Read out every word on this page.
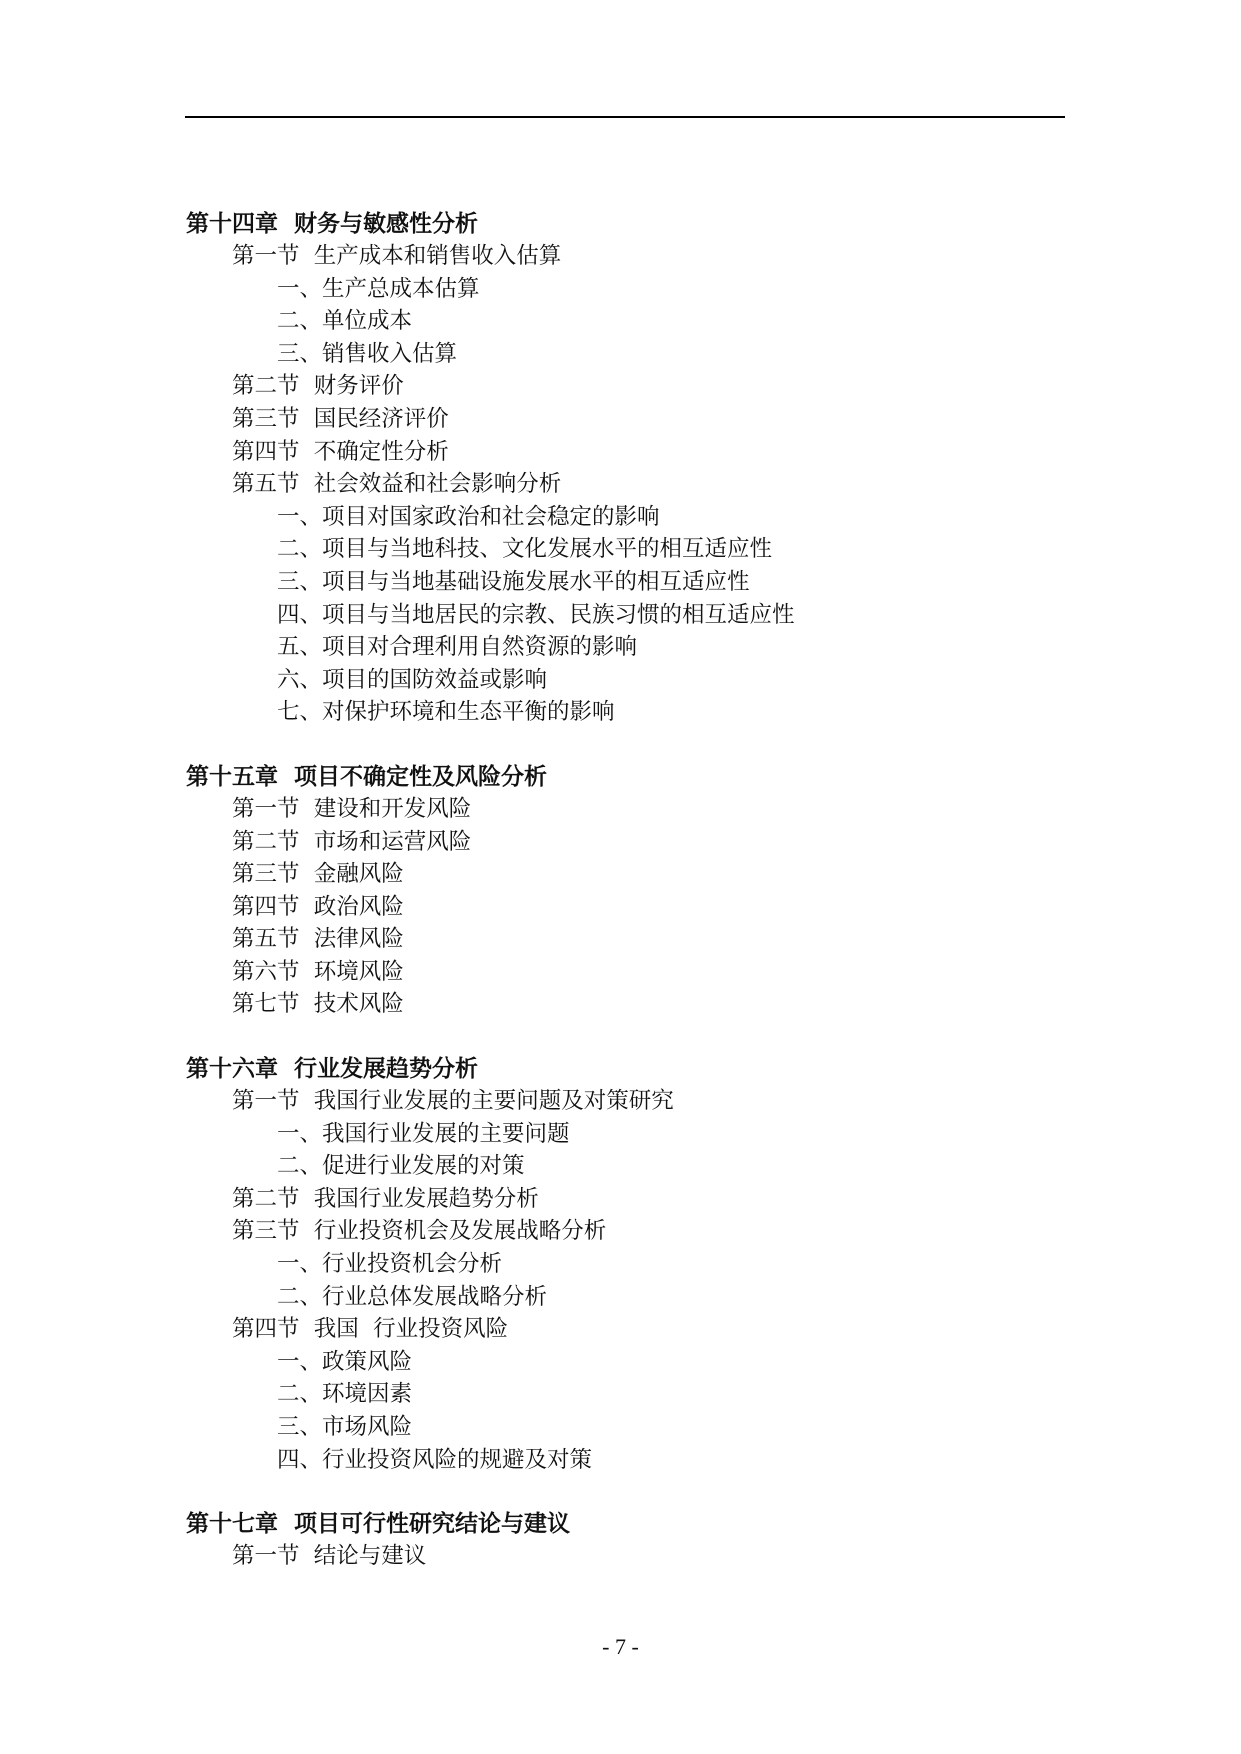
第十四章  财务与敏感性分析
第一节  生产成本和销售收入估算
一、生产总成本估算
二、单位成本
三、销售收入估算
第二节  财务评价
第三节  国民经济评价
第四节  不确定性分析
第五节  社会效益和社会影响分析
一、项目对国家政治和社会稳定的影响
二、项目与当地科技、文化发展水平的相互适应性
三、项目与当地基础设施发展水平的相互适应性
四、项目与当地居民的宗教、民族习惯的相互适应性
五、项目对合理利用自然资源的影响
六、项目的国防效益或影响
七、对保护环境和生态平衡的影响
第十五章  项目不确定性及风险分析
第一节  建设和开发风险
第二节  市场和运营风险
第三节  金融风险
第四节  政治风险
第五节  法律风险
第六节  环境风险
第七节  技术风险
第十六章  行业发展趋势分析
第一节  我国行业发展的主要问题及对策研究
一、我国行业发展的主要问题
二、促进行业发展的对策
第二节  我国行业发展趋势分析
第三节  行业投资机会及发展战略分析
一、行业投资机会分析
二、行业总体发展战略分析
第四节  我国  行业投资风险
一、政策风险
二、环境因素
三、市场风险
四、行业投资风险的规避及对策
第十七章  项目可行性研究结论与建议
第一节  结论与建议
- 7 -
